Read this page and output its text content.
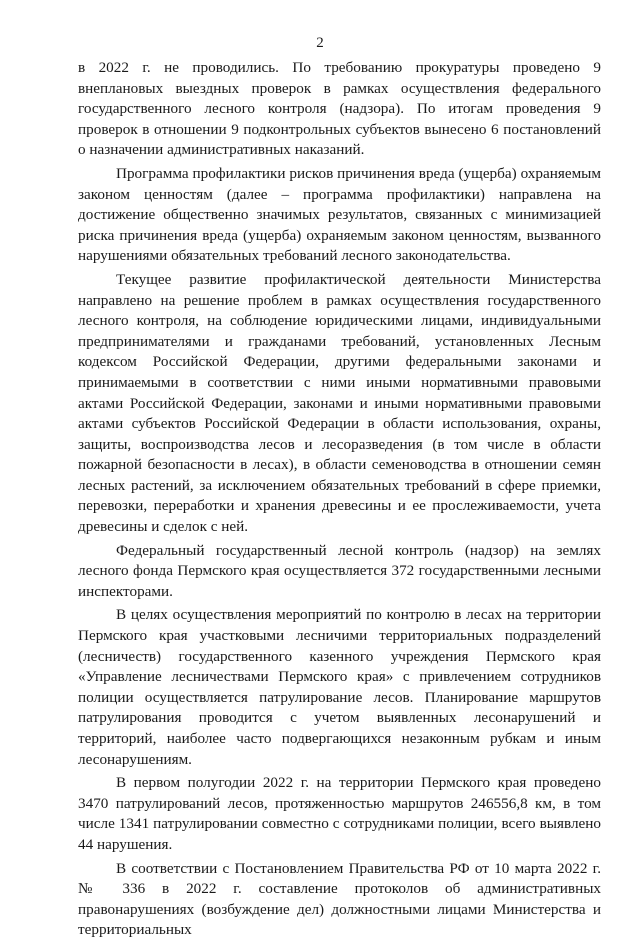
2

в 2022 г. не проводились. По требованию прокуратуры проведено 9 внеплановых выездных проверок в рамках осуществления федерального государственного лесного контроля (надзора). По итогам проведения 9 проверок в отношении 9 подконтрольных субъектов вынесено 6 постановлений о назначении административных наказаний.

Программа профилактики рисков причинения вреда (ущерба) охраняемым законом ценностям (далее – программа профилактики) направлена на достижение общественно значимых результатов, связанных с минимизацией риска причинения вреда (ущерба) охраняемым законом ценностям, вызванного нарушениями обязательных требований лесного законодательства.

Текущее развитие профилактической деятельности Министерства направлено на решение проблем в рамках осуществления государственного лесного контроля, на соблюдение юридическими лицами, индивидуальными предпринимателями и гражданами требований, установленных Лесным кодексом Российской Федерации, другими федеральными законами и принимаемыми в соответствии с ними иными нормативными правовыми актами Российской Федерации, законами и иными нормативными правовыми актами субъектов Российской Федерации в области использования, охраны, защиты, воспроизводства лесов и лесоразведения (в том числе в области пожарной безопасности в лесах), в области семеноводства в отношении семян лесных растений, за исключением обязательных требований в сфере приемки, перевозки, переработки и хранения древесины и ее прослеживаемости, учета древесины и сделок с ней.

Федеральный государственный лесной контроль (надзор) на землях лесного фонда Пермского края осуществляется 372 государственными лесными инспекторами.

В целях осуществления мероприятий по контролю в лесах на территории Пермского края участковыми лесничими территориальных подразделений (лесничеств) государственного казенного учреждения Пермского края «Управление лесничествами Пермского края» с привлечением сотрудников полиции осуществляется патрулирование лесов. Планирование маршрутов патрулирования проводится с учетом выявленных лесонарушений и территорий, наиболее часто подвергающихся незаконным рубкам и иным лесонарушениям.

В первом полугодии 2022 г. на территории Пермского края проведено 3470 патрулирований лесов, протяженностью маршрутов 246556,8 км, в том числе 1341 патрулировании совместно с сотрудниками полиции, всего выявлено 44 нарушения.

В соответствии с Постановлением Правительства РФ от 10 марта 2022 г. № 336 в 2022 г. составление протоколов об административных правонарушениях (возбуждение дел) должностными лицами Министерства и территориальных
